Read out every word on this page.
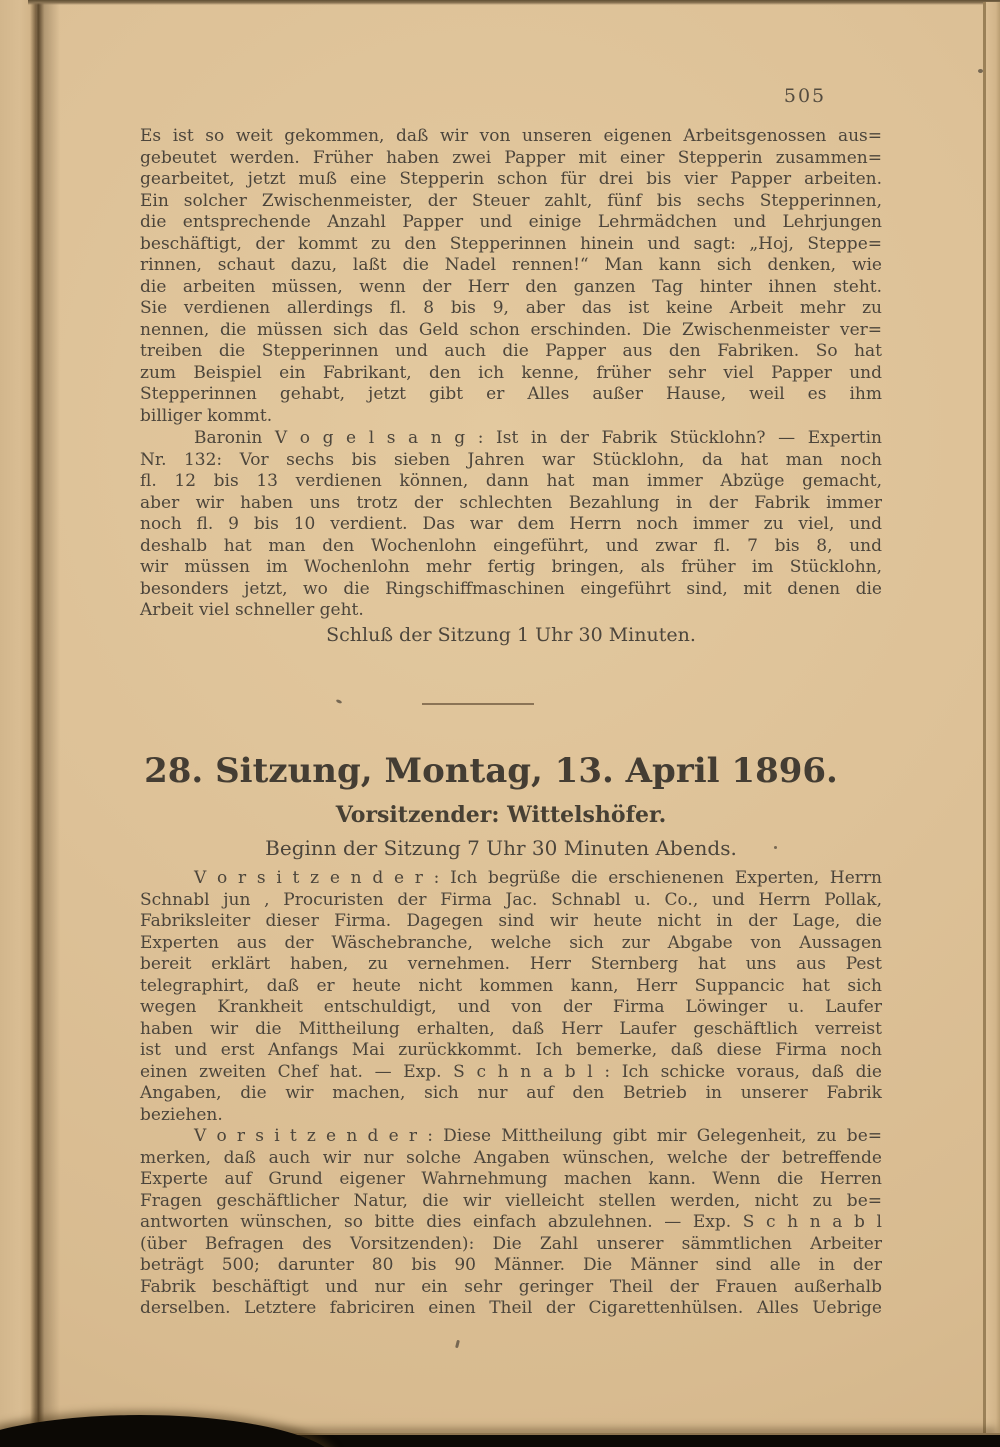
505
Es ist so weit gekommen, daß wir von unseren eigenen Arbeitsgenossen aus=
gebeutet werden. Früher haben zwei Papper mit einer Stepperin zusammen=
gearbeitet, jetzt muß eine Stepperin schon für drei bis vier Papper arbeiten.
Ein solcher Zwischenmeister, der Steuer zahlt, fünf bis sechs Stepperinnen,
die entsprechende Anzahl Papper und einige Lehrmädchen und Lehrjungen
beschäftigt, der kommt zu den Stepperinnen hinein und sagt: „Hoj, Steppe=
rinnen, schaut dazu, laßt die Nadel rennen!“ Man kann sich denken, wie
die arbeiten müssen, wenn der Herr den ganzen Tag hinter ihnen steht.
Sie verdienen allerdings fl. 8 bis 9, aber das ist keine Arbeit mehr zu
nennen, die müssen sich das Geld schon erschinden. Die Zwischenmeister ver=
treiben die Stepperinnen und auch die Papper aus den Fabriken. So hat
zum Beispiel ein Fabrikant, den ich kenne, früher sehr viel Papper und
Stepperinnen gehabt, jetzt gibt er Alles außer Hause, weil es ihm
billiger kommt.
Baronin V o g e l s a n g : Ist in der Fabrik Stücklohn? — Expertin
Nr. 132: Vor sechs bis sieben Jahren war Stücklohn, da hat man noch
fl. 12 bis 13 verdienen können, dann hat man immer Abzüge gemacht,
aber wir haben uns trotz der schlechten Bezahlung in der Fabrik immer
noch fl. 9 bis 10 verdient. Das war dem Herrn noch immer zu viel, und
deshalb hat man den Wochenlohn eingeführt, und zwar fl. 7 bis 8, und
wir müssen im Wochenlohn mehr fertig bringen, als früher im Stücklohn,
besonders jetzt, wo die Ringschiffmaschinen eingeführt sind, mit denen die
Arbeit viel schneller geht.
Schluß der Sitzung 1 Uhr 30 Minuten.
28. Sitzung, Montag, 13. April 1896.
Vorsitzender: Wittelshöfer.
Beginn der Sitzung 7 Uhr 30 Minuten Abends.
V o r s i t z e n d e r : Ich begrüße die erschienenen Experten, Herrn
Schnabl jun , Procuristen der Firma Jac. Schnabl u. Co., und Herrn Pollak,
Fabriksleiter dieser Firma. Dagegen sind wir heute nicht in der Lage, die
Experten aus der Wäschebranche, welche sich zur Abgabe von Aussagen
bereit erklärt haben, zu vernehmen. Herr Sternberg hat uns aus Pest
telegraphirt, daß er heute nicht kommen kann, Herr Suppancic hat sich
wegen Krankheit entschuldigt, und von der Firma Löwinger u. Laufer
haben wir die Mittheilung erhalten, daß Herr Laufer geschäftlich verreist
ist und erst Anfangs Mai zurückkommt. Ich bemerke, daß diese Firma noch
einen zweiten Chef hat. — Exp. S c h n a b l : Ich schicke voraus, daß die
Angaben, die wir machen, sich nur auf den Betrieb in unserer Fabrik
beziehen.
V o r s i t z e n d e r : Diese Mittheilung gibt mir Gelegenheit, zu be=
merken, daß auch wir nur solche Angaben wünschen, welche der betreffende
Experte auf Grund eigener Wahrnehmung machen kann. Wenn die Herren
Fragen geschäftlicher Natur, die wir vielleicht stellen werden, nicht zu be=
antworten wünschen, so bitte dies einfach abzulehnen. — Exp. S c h n a b l
(über Befragen des Vorsitzenden): Die Zahl unserer sämmtlichen Arbeiter
beträgt 500; darunter 80 bis 90 Männer. Die Männer sind alle in der
Fabrik beschäftigt und nur ein sehr geringer Theil der Frauen außerhalb
derselben. Letztere fabriciren einen Theil der Cigarettenhülsen. Alles Uebrige
